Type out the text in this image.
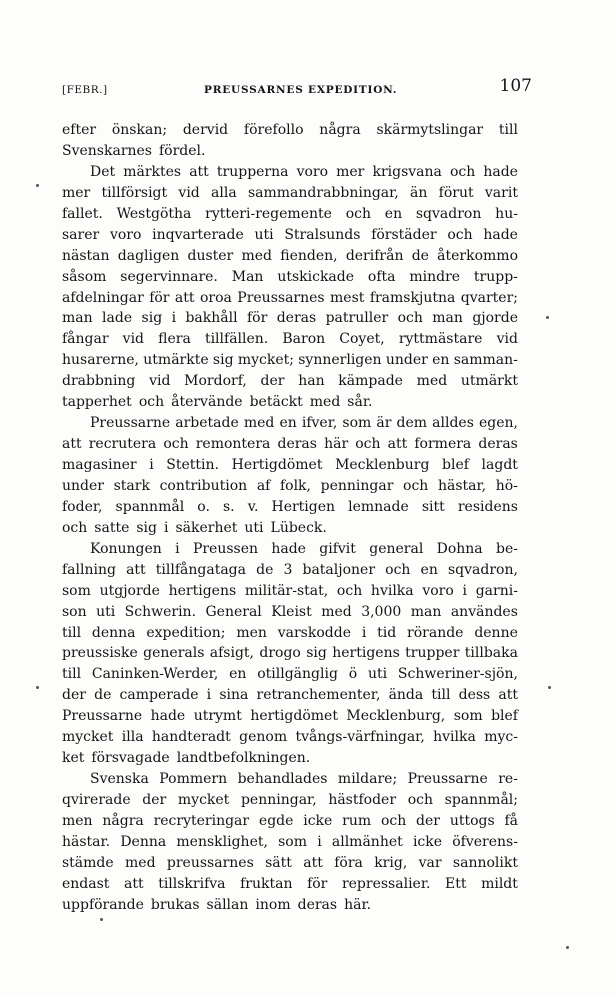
[FEBR.]	PREUSSARNES EXPEDITION.	107
efter önskan; dervid förefollo några skärmytslingar till
Svenskarnes fördel.
Det märktes att trupperna voro mer krigsvana och hade
mer tillförsigt vid alla sammandrabbningar, än förut varit
fallet. Westgötha rytteri-regemente och en sqvadron hu-
sarer voro inqvarterade uti Stralsunds förstäder och hade
nästan dagligen duster med fienden, derifrån de återkommo
såsom segervinnare. Man utskickade ofta mindre trupp-
afdelningar för att oroa Preussarnes mest framskjutna qvarter;
man lade sig i bakhåll för deras patruller och man gjorde
fångar vid flera tillfällen. Baron Coyet, ryttmästare vid
husarerne, utmärkte sig mycket; synnerligen under en samman-
drabbning vid Mordorf, der han kämpade med utmärkt
tapperhet och återvände betäckt med sår.
Preussarne arbetade med en ifver, som är dem alldes egen,
att recrutera och remontera deras här och att formera deras
magasiner i Stettin. Hertigdömet Mecklenburg blef lagdt
under stark contribution af folk, penningar och hästar, hö-
foder, spannmål o. s. v. Hertigen lemnade sitt residens
och satte sig i säkerhet uti Lübeck.
Konungen i Preussen hade gifvit general Dohna be-
fallning att tillfångataga de 3 bataljoner och en sqvadron,
som utgjorde hertigens militär-stat, och hvilka voro i garni-
son uti Schwerin. General Kleist med 3,000 man användes
till denna expedition; men varskodde i tid rörande denne
preussiske generals afsigt, drogo sig hertigens trupper tillbaka
till Caninken-Werder, en otillgänglig ö uti Schweriner-sjön,
der de camperade i sina retranchementer, ända till dess att
Preussarne hade utrymt hertigdömet Mecklenburg, som blef
mycket illa handteradt genom tvångs-värfningar, hvilka myc-
ket försvagade landtbefolkningen.
Svenska Pommern behandlades mildare; Preussarne re-
qvirerade der mycket penningar, hästfoder och spannmål;
men några recryteringar egde icke rum och der uttogs få
hästar. Denna mensklighet, som i allmänhet icke öfverens-
stämde med preussarnes sätt att föra krig, var sannolikt
endast att tillskrifva fruktan för repressalier. Ett mildt
uppförande brukas sällan inom deras här.
